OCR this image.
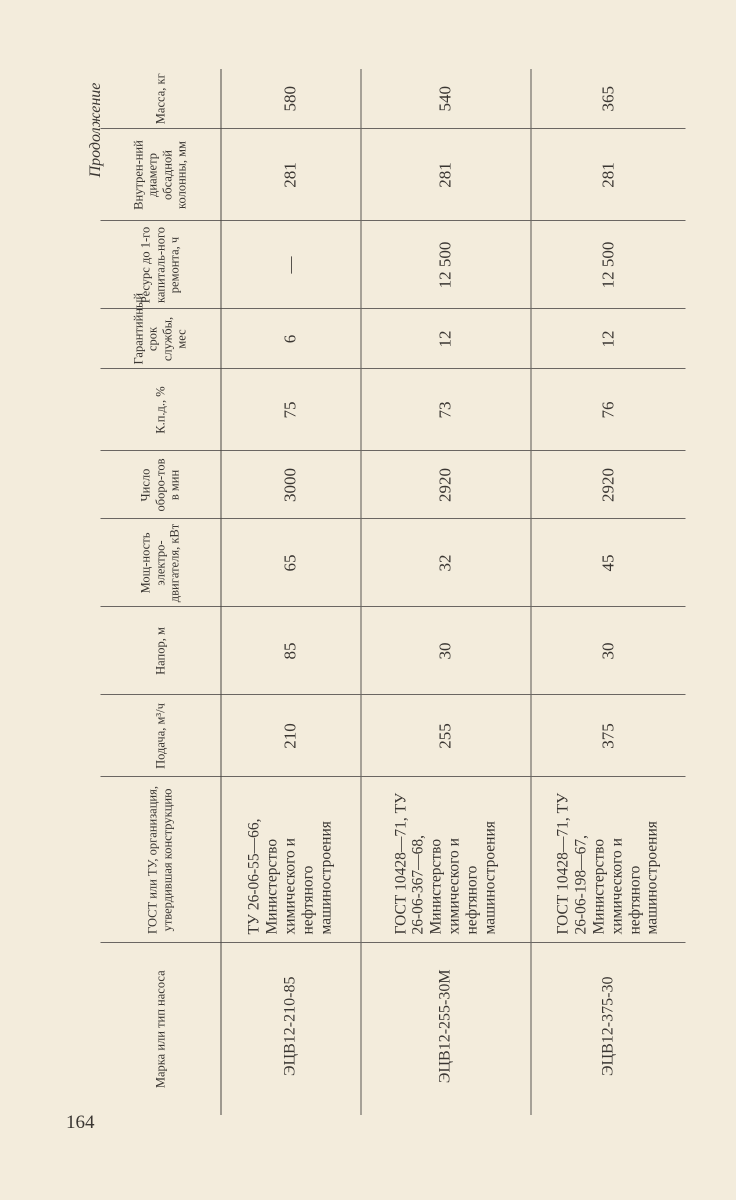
164
Продолжение
Марка или тип насоса	ГОСТ или ТУ, организация, утвердившая конструкцию	Подача, м³/ч	Напор, м	Мощ-ность электро-двигателя, кВт	Число оборо-тов в мин	К.п.д., %	Гарантийный срок службы, мес	Ресурс до 1-го капиталь-ного ремонта, ч	Внутрен-ний диаметр обсадной колонны, мм	Масса, кг
ЭЦВ12-210-85	ТУ 26-06-55—66, Министерство химического и нефтяного машиностроения	210	85	65	3000	75	6	—	281	580
ЭЦВ12-255-30М	ГОСТ 10428—71, ТУ 26-06-367—68, Министерство химического и нефтяного машиностроения	255	30	32	2920	73	12	12 500	281	540
ЭЦВ12-375-30	ГОСТ 10428—71, ТУ 26-06-198—67, Министерство химического и нефтяного машиностроения	375	30	45	2920	76	12	12 500	281	365
